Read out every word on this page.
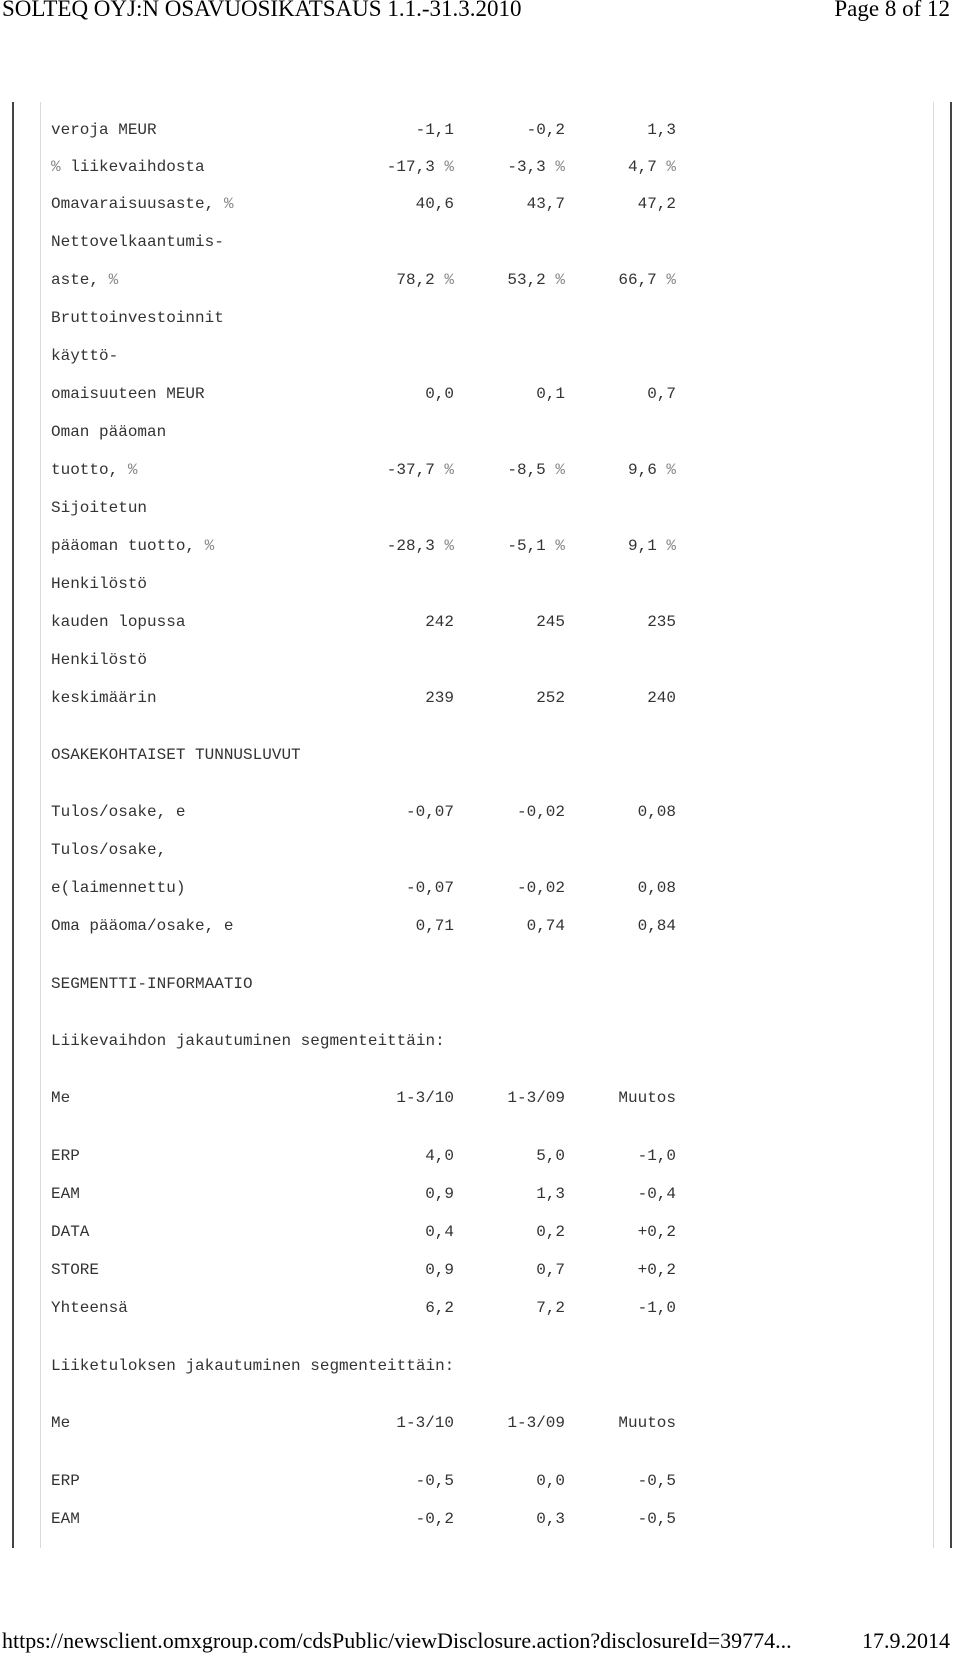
SOLTEQ OYJ:N OSAVUOSIKATSAUS 1.1.-31.3.2010	Page 8 of 12
veroja MEUR	-1,1	-0,2	1,3
% liikevaihdosta	-17,3 %	-3,3 %	4,7 %
Omavaraisuusaste, %	40,6	43,7	47,2
Nettovelkaantumis-
aste, %	78,2 %	53,2 %	66,7 %
Bruttoinvestoinnit
käyttö-
omaisuuteen MEUR	0,0	0,1	0,7
Oman pääoman
tuotto, %	-37,7 %	-8,5 %	9,6 %
Sijoitetun
pääoman tuotto, %	-28,3 %	-5,1 %	9,1 %
Henkilöstö
kauden lopussa	242	245	235
Henkilöstö
keskimäärin	239	252	240
OSAKEKOHTAISET TUNNUSLUVUT
Tulos/osake, e	-0,07	-0,02	0,08
Tulos/osake,
e(laimennettu)	-0,07	-0,02	0,08
Oma pääoma/osake, e	0,71	0,74	0,84
SEGMENTTI-INFORMAATIO
Liikevaihdon jakautuminen segmenteittäin:
Me	1-3/10	1-3/09	Muutos
ERP	4,0	5,0	-1,0
EAM	0,9	1,3	-0,4
DATA	0,4	0,2	+0,2
STORE	0,9	0,7	+0,2
Yhteensä	6,2	7,2	-1,0
Liiketuloksen jakautuminen segmenteittäin:
Me	1-3/10	1-3/09	Muutos
ERP	-0,5	0,0	-0,5
EAM	-0,2	0,3	-0,5
https://newsclient.omxgroup.com/cdsPublic/viewDisclosure.action?disclosureId=39774...	17.9.2014
